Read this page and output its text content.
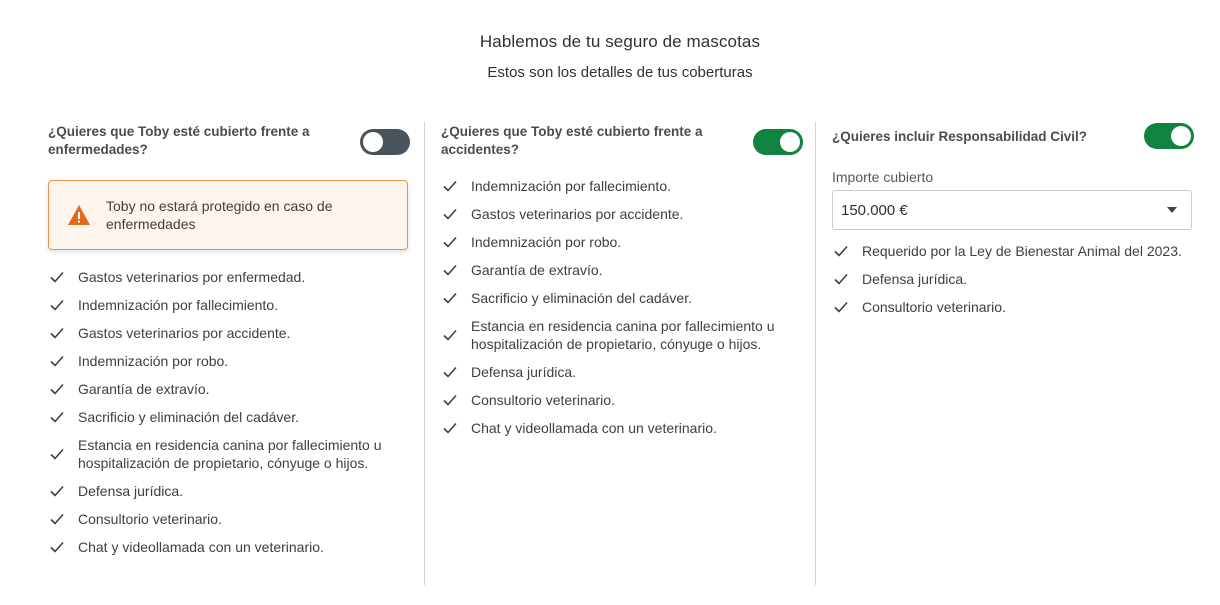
Hablemos de tu seguro de mascotas
Estos son los detalles de tus coberturas
¿Quieres que Toby esté cubierto frente a enfermedades?
Toby no estará protegido en caso de enfermedades
Gastos veterinarios por enfermedad.
Indemnización por fallecimiento.
Gastos veterinarios por accidente.
Indemnización por robo.
Garantía de extravío.
Sacrificio y eliminación del cadáver.
Estancia en residencia canina por fallecimiento u hospitalización de propietario, cónyuge o hijos.
Defensa jurídica.
Consultorio veterinario.
Chat y videollamada con un veterinario.
¿Quieres que Toby esté cubierto frente a accidentes?
Indemnización por fallecimiento.
Gastos veterinarios por accidente.
Indemnización por robo.
Garantía de extravío.
Sacrificio y eliminación del cadáver.
Estancia en residencia canina por fallecimiento u hospitalización de propietario, cónyuge o hijos.
Defensa jurídica.
Consultorio veterinario.
Chat y videollamada con un veterinario.
¿Quieres incluir Responsabilidad Civil?
Importe cubierto
150.000 €
Requerido por la Ley de Bienestar Animal del 2023.
Defensa jurídica.
Consultorio veterinario.
